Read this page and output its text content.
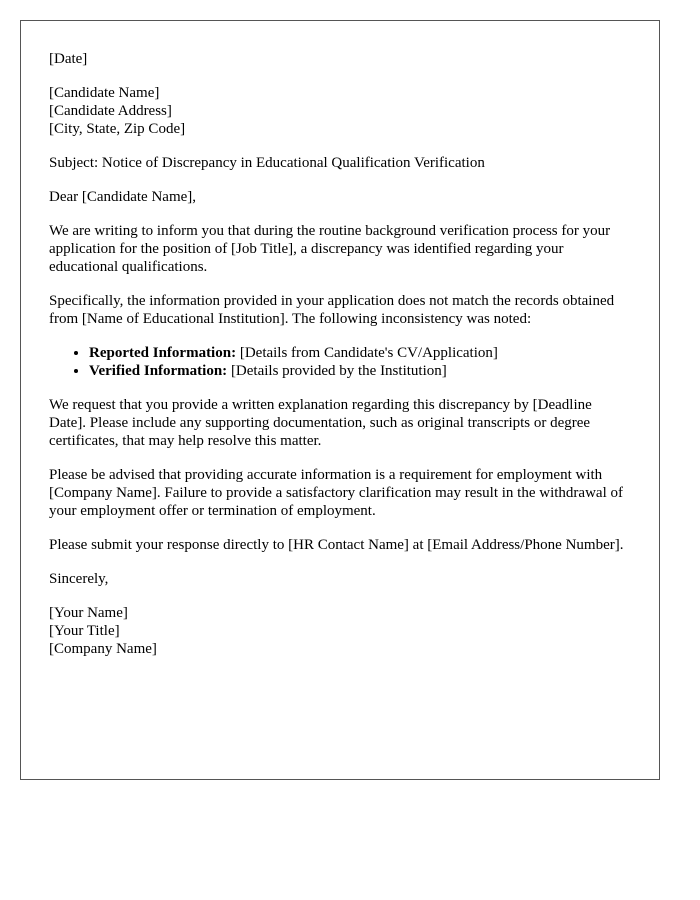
[Date]

[Candidate Name]
[Candidate Address]
[City, State, Zip Code]

Subject: Notice of Discrepancy in Educational Qualification Verification

Dear [Candidate Name],

We are writing to inform you that during the routine background verification process for your application for the position of [Job Title], a discrepancy was identified regarding your educational qualifications.

Specifically, the information provided in your application does not match the records obtained from [Name of Educational Institution]. The following inconsistency was noted:

• Reported Information: [Details from Candidate's CV/Application]
• Verified Information: [Details provided by the Institution]

We request that you provide a written explanation regarding this discrepancy by [Deadline Date]. Please include any supporting documentation, such as original transcripts or degree certificates, that may help resolve this matter.

Please be advised that providing accurate information is a requirement for employment with [Company Name]. Failure to provide a satisfactory clarification may result in the withdrawal of your employment offer or termination of employment.

Please submit your response directly to [HR Contact Name] at [Email Address/Phone Number].

Sincerely,

[Your Name]
[Your Title]
[Company Name]
